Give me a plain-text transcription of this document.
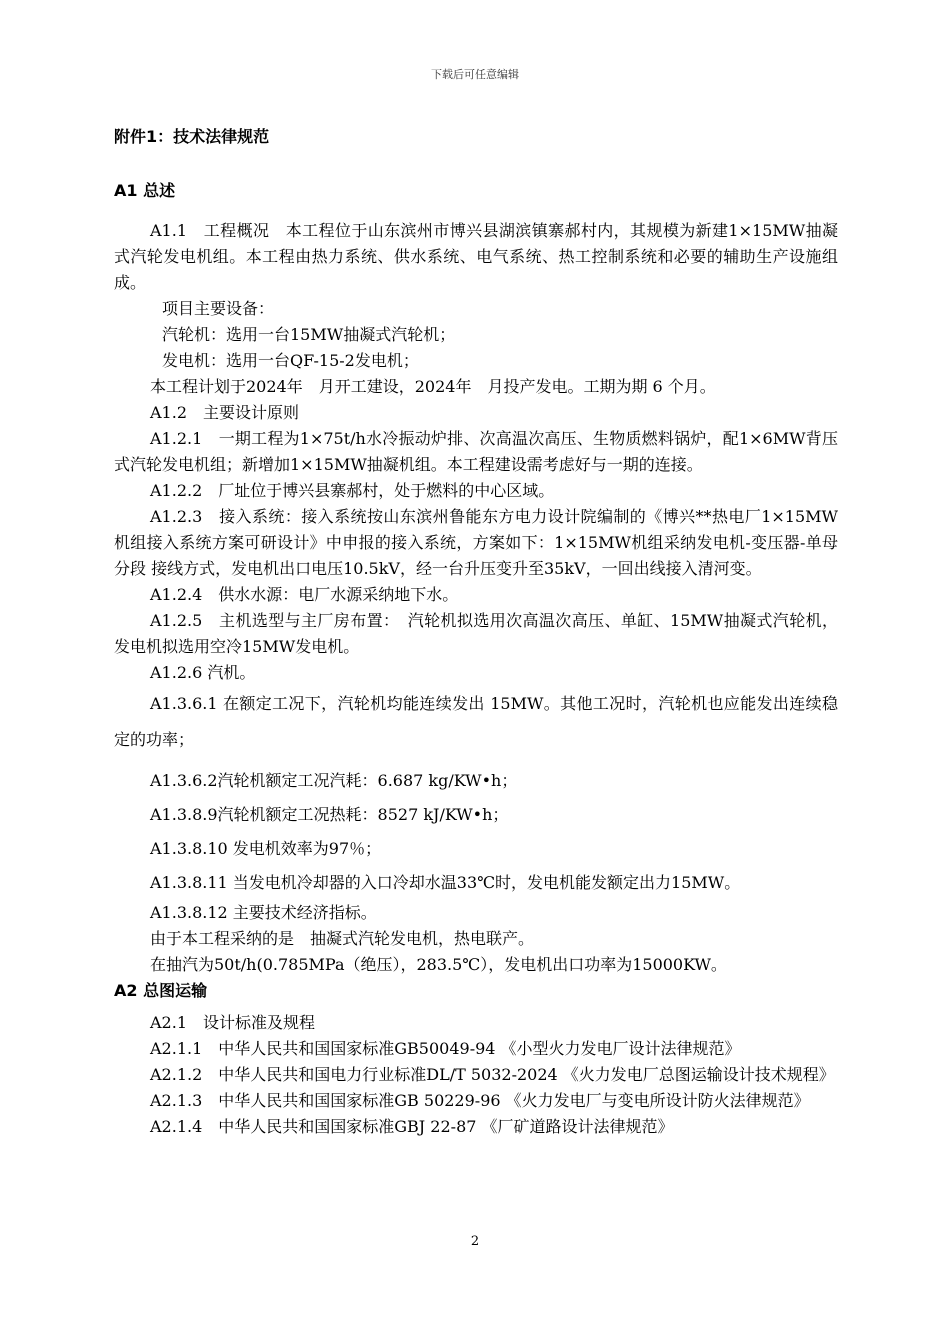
下载后可任意编辑

附件1：技术法律规范

A1 总述

A1.1　工程概况　本工程位于山东滨州市博兴县湖滨镇寨郝村内，其规模为新建1×15MW抽凝式汽轮发电机组。本工程由热力系统、供水系统、电气系统、热工控制系统和必要的辅助生产设施组成。

项目主要设备：

汽轮机：选用一台15MW抽凝式汽轮机；

发电机：选用一台QF-15-2发电机；

本工程计划于2024年　月开工建设，2024年　月投产发电。工期为期 6 个月。

A1.2　主要设计原则

A1.2.1　一期工程为1×75t/h水冷振动炉排、次高温次高压、生物质燃料锅炉，配1×6MW背压式汽轮发电机组；新增加1×15MW抽凝机组。本工程建设需考虑好与一期的连接。

A1.2.2　厂址位于博兴县寨郝村，处于燃料的中心区域。

A1.2.3　接入系统：接入系统按山东滨州鲁能东方电力设计院编制的《博兴**热电厂1×15MW机组接入系统方案可研设计》中申报的接入系统，方案如下：1×15MW机组采纳发电机-变压器-单母分段 接线方式，发电机出口电压10.5kV，经一台升压变升至35kV，一回出线接入清河变。

A1.2.4　供水水源：电厂水源采纳地下水。

A1.2.5　主机选型与主厂房布置：　汽轮机拟选用次高温次高压、单缸、15MW抽凝式汽轮机，发电机拟选用空冷15MW发电机。

A1.2.6 汽机。

A1.3.6.1 在额定工况下，汽轮机均能连续发出 15MW。其他工况时，汽轮机也应能发出连续稳定的功率；

A1.3.6.2汽轮机额定工况汽耗：6.687 kg/KW•h；

A1.3.8.9汽轮机额定工况热耗：8527 kJ/KW•h；

A1.3.8.10 发电机效率为97％；

A1.3.8.11 当发电机冷却器的入口冷却水温33℃时，发电机能发额定出力15MW。

A1.3.8.12 主要技术经济指标。

由于本工程采纳的是　抽凝式汽轮发电机，热电联产。

在抽汽为50t/h(0.785MPa（绝压），283.5℃），发电机出口功率为15000KW。

A2 总图运输

A2.1　设计标准及规程

A2.1.1　中华人民共和国国家标准GB50049-94 《小型火力发电厂设计法律规范》

A2.1.2　中华人民共和国电力行业标准DL/T 5032-2024 《火力发电厂总图运输设计技术规程》

A2.1.3　中华人民共和国国家标准GB 50229-96 《火力发电厂与变电所设计防火法律规范》

A2.1.4　中华人民共和国国家标准GBJ 22-87 《厂矿道路设计法律规范》

2
